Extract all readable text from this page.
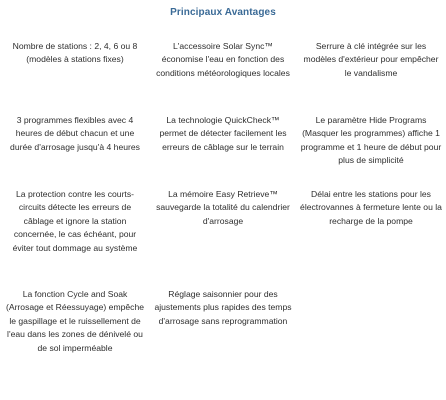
Principaux Avantages
Nombre de stations : 2, 4, 6 ou 8 (modèles à stations fixes)
L'accessoire Solar Sync™ économise l'eau en fonction des conditions météorologiques locales
Serrure à clé intégrée sur les modèles d'extérieur pour empêcher le vandalisme
3 programmes flexibles avec 4 heures de début chacun et une durée d'arrosage jusqu'à 4 heures
La technologie QuickCheck™ permet de détecter facilement les erreurs de câblage sur le terrain
Le paramètre Hide Programs (Masquer les programmes) affiche 1 programme et 1 heure de début pour plus de simplicité
La protection contre les courts-circuits détecte les erreurs de câblage et ignore la station concernée, le cas échéant, pour éviter tout dommage au système
La mémoire Easy Retrieve™ sauvegarde la totalité du calendrier d'arrosage
Délai entre les stations pour les électrovannes à fermeture lente ou la recharge de la pompe
La fonction Cycle and Soak (Arrosage et Réessuyage) empêche le gaspillage et le ruissellement de l'eau dans les zones de dénivelé ou de sol imperméable
Réglage saisonnier pour des ajustements plus rapides des temps d'arrosage sans reprogrammation
